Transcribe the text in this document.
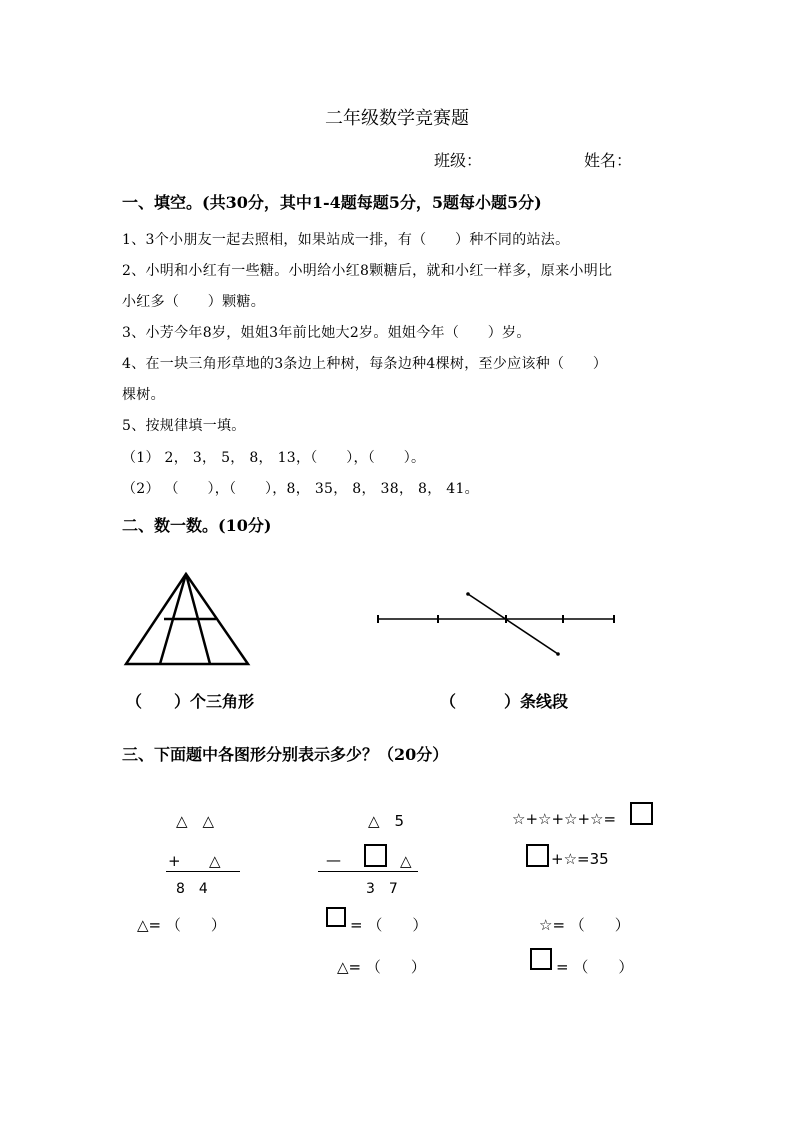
二年级数学竞赛题
班级：	姓名：
一、填空。(共30分，其中1-4题每题5分，5题每小题5分)
1、3个小朋友一起去照相，如果站成一排，有（　　）种不同的站法。
2、小明和小红有一些糖。小明给小红8颗糖后，就和小红一样多，原来小明比
小红多（　　）颗糖。
3、小芳今年8岁，姐姐3年前比她大2岁。姐姐今年（　　）岁。
4、在一块三角形草地的3条边上种树，每条边种4棵树，至少应该种（　　）
棵树。
5、按规律填一填。
（1） 2， 3， 5， 8， 13，（　　），（　　）。
（2） （　　），（　　），8， 35， 8， 38， 8， 41。
二、数一数。(10分)
（　　）个三角形	（　　　）条线段
三、下面题中各图形分别表示多少？（20分）
△　△
+ △
8　4
△= （　　）
△　5
—	△
3　7
= （　　）
△= （　　）
☆+☆+☆+☆=
+☆=35
☆= （　　）
= （　　）
